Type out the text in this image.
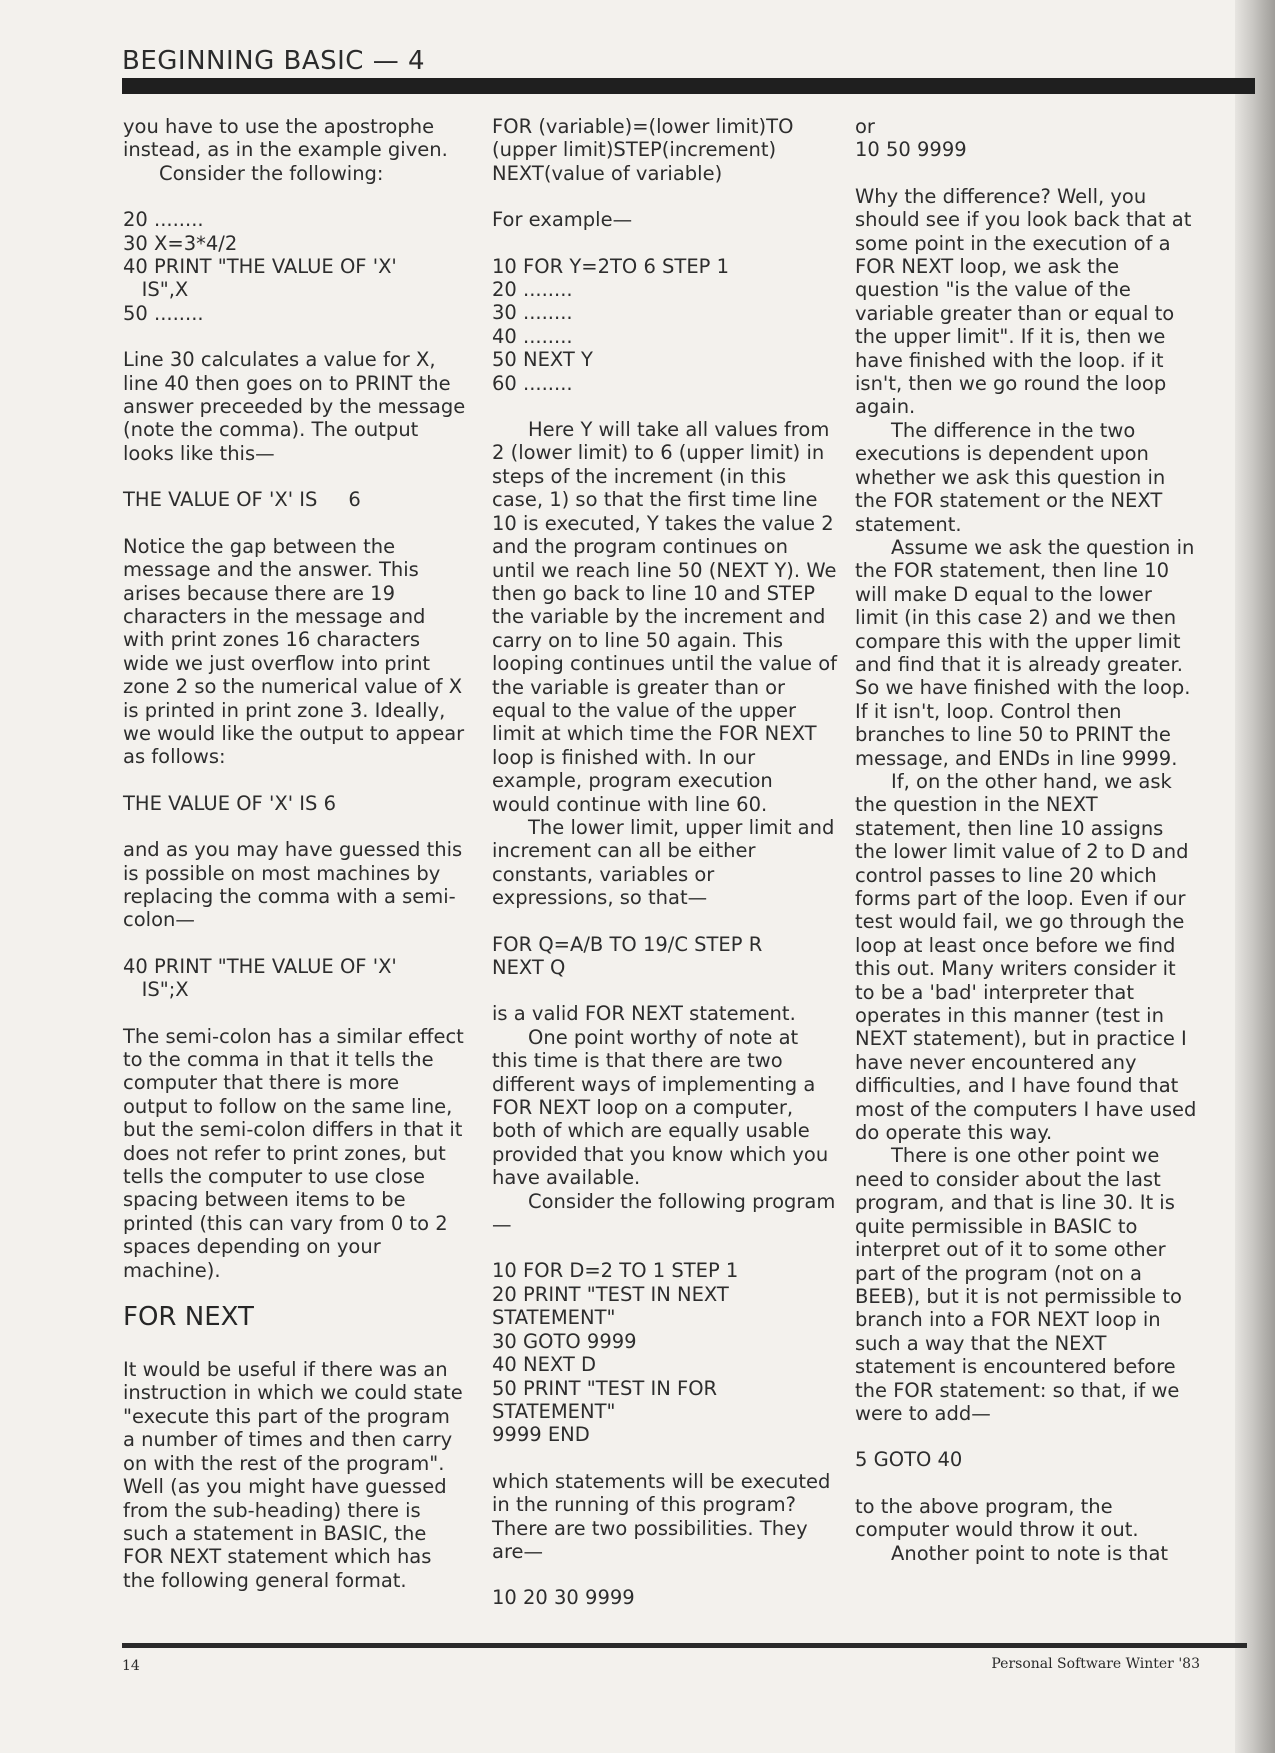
BEGINNING BASIC — 4

you have to use the apostrophe instead, as in the example given.

Consider the following:

20 ........
30 X=3*4/2
40 PRINT "THE VALUE OF 'X'
IS",X
50 ........

Line 30 calculates a value for X, line 40 then goes on to PRINT the answer preceeded by the message (note the comma). The output looks like this—

THE VALUE OF 'X' IS     6

Notice the gap between the message and the answer. This arises because there are 19 characters in the message and with print zones 16 characters wide we just overflow into print zone 2 so the numerical value of X is printed in print zone 3. Ideally, we would like the output to appear as follows:

THE VALUE OF 'X' IS 6

and as you may have guessed this is possible on most machines by replacing the comma with a semi-colon—

40 PRINT "THE VALUE OF 'X'
IS";X

The semi-colon has a similar effect to the comma in that it tells the computer that there is more output to follow on the same line, but the semi-colon differs in that it does not refer to print zones, but tells the computer to use close spacing between items to be printed (this can vary from 0 to 2 spaces depending on your machine).

FOR NEXT

It would be useful if there was an instruction in which we could state "execute this part of the program a number of times and then carry on with the rest of the program". Well (as you might have guessed from the sub-heading) there is such a statement in BASIC, the FOR NEXT statement which has the following general format.

FOR (variable)=(lower limit)TO
(upper limit)STEP(increment)
NEXT(value of variable)

For example—

10 FOR Y=2TO 6 STEP 1
20 ........
30 ........
40 ........
50 NEXT Y
60 ........

Here Y will take all values from 2 (lower limit) to 6 (upper limit) in steps of the increment (in this case, 1) so that the first time line 10 is executed, Y takes the value 2 and the program continues on until we reach line 50 (NEXT Y). We then go back to line 10 and STEP the variable by the increment and carry on to line 50 again. This looping continues until the value of the variable is greater than or equal to the value of the upper limit at which time the FOR NEXT loop is finished with. In our example, program execution would continue with line 60.

The lower limit, upper limit and increment can all be either constants, variables or expressions, so that—

FOR Q=A/B TO 19/C STEP R
NEXT Q

is a valid FOR NEXT statement.

One point worthy of note at this time is that there are two different ways of implementing a FOR NEXT loop on a computer, both of which are equally usable provided that you know which you have available.

Consider the following program—

10 FOR D=2 TO 1 STEP 1
20 PRINT "TEST IN NEXT
STATEMENT"
30 GOTO 9999
40 NEXT D
50 PRINT "TEST IN FOR
STATEMENT"
9999 END

which statements will be executed in the running of this program? There are two possibilities. They are—

10 20 30 9999

or

10 50 9999

Why the difference? Well, you should see if you look back that at some point in the execution of a FOR NEXT loop, we ask the question "is the value of the variable greater than or equal to the upper limit". If it is, then we have finished with the loop. if it isn't, then we go round the loop again.

The difference in the two executions is dependent upon whether we ask this question in the FOR statement or the NEXT statement.

Assume we ask the question in the FOR statement, then line 10 will make D equal to the lower limit (in this case 2) and we then compare this with the upper limit and find that it is already greater. So we have finished with the loop. If it isn't, loop. Control then branches to line 50 to PRINT the message, and ENDs in line 9999.

If, on the other hand, we ask the question in the NEXT statement, then line 10 assigns the lower limit value of 2 to D and control passes to line 20 which forms part of the loop. Even if our test would fail, we go through the loop at least once before we find this out. Many writers consider it to be a 'bad' interpreter that operates in this manner (test in NEXT statement), but in practice I have never encountered any difficulties, and I have found that most of the computers I have used do operate this way.

There is one other point we need to consider about the last program, and that is line 30. It is quite permissible in BASIC to interpret out of it to some other part of the program (not on a BEEB), but it is not permissible to branch into a FOR NEXT loop in such a way that the NEXT statement is encountered before the FOR statement: so that, if we were to add—

5 GOTO 40

to the above program, the computer would throw it out.

Another point to note is that

14	Personal Software Winter '83
